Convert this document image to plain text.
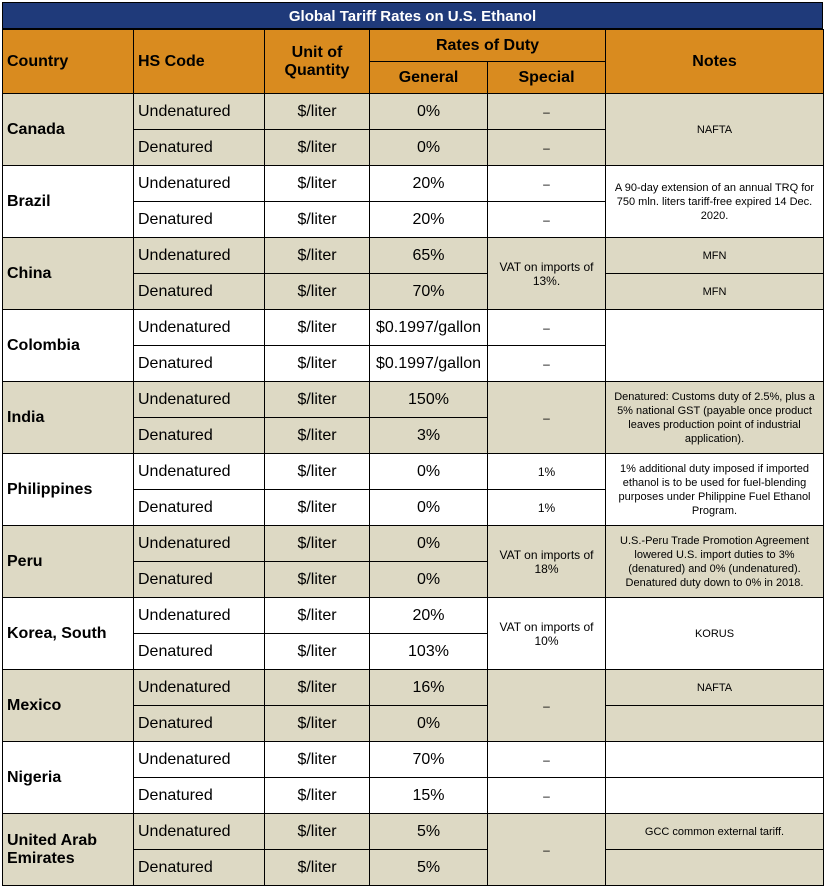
Global Tariff Rates on U.S. Ethanol
Country	HS Code	Unit of Quantity	Rates of Duty		Notes
			General	Special	
Canada	Undenatured	$/liter	0%	–	NAFTA
	Denatured	$/liter	0%	–	
Brazil	Undenatured	$/liter	20%	–	A 90-day extension of an annual TRQ for 750 mln. liters tariff-free expired 14 Dec. 2020.
	Denatured	$/liter	20%	–	
China	Undenatured	$/liter	65%	VAT on imports of 13%.	MFN
	Denatured	$/liter	70%		MFN
Colombia	Undenatured	$/liter	$0.1997/gallon	–	
	Denatured	$/liter	$0.1997/gallon	–	
India	Undenatured	$/liter	150%	–	Denatured: Customs duty of 2.5%, plus a 5% national GST (payable once product leaves production point of industrial application).
	Denatured	$/liter	3%		
Philippines	Undenatured	$/liter	0%	1%	1% additional duty imposed if imported ethanol is to be used for fuel-blending purposes under Philippine Fuel Ethanol Program.
	Denatured	$/liter	0%	1%	
Peru	Undenatured	$/liter	0%	VAT on imports of 18%	U.S.-Peru Trade Promotion Agreement lowered U.S. import duties to 3% (denatured) and 0% (undenatured). Denatured duty down to 0% in 2018.
	Denatured	$/liter	0%		
Korea, South	Undenatured	$/liter	20%	VAT on imports of 10%	KORUS
	Denatured	$/liter	103%		
Mexico	Undenatured	$/liter	16%	–	NAFTA
	Denatured	$/liter	0%		
Nigeria	Undenatured	$/liter	70%	–	
	Denatured	$/liter	15%	–	
United Arab Emirates	Undenatured	$/liter	5%	–	GCC common external tariff.
	Denatured	$/liter	5%		
